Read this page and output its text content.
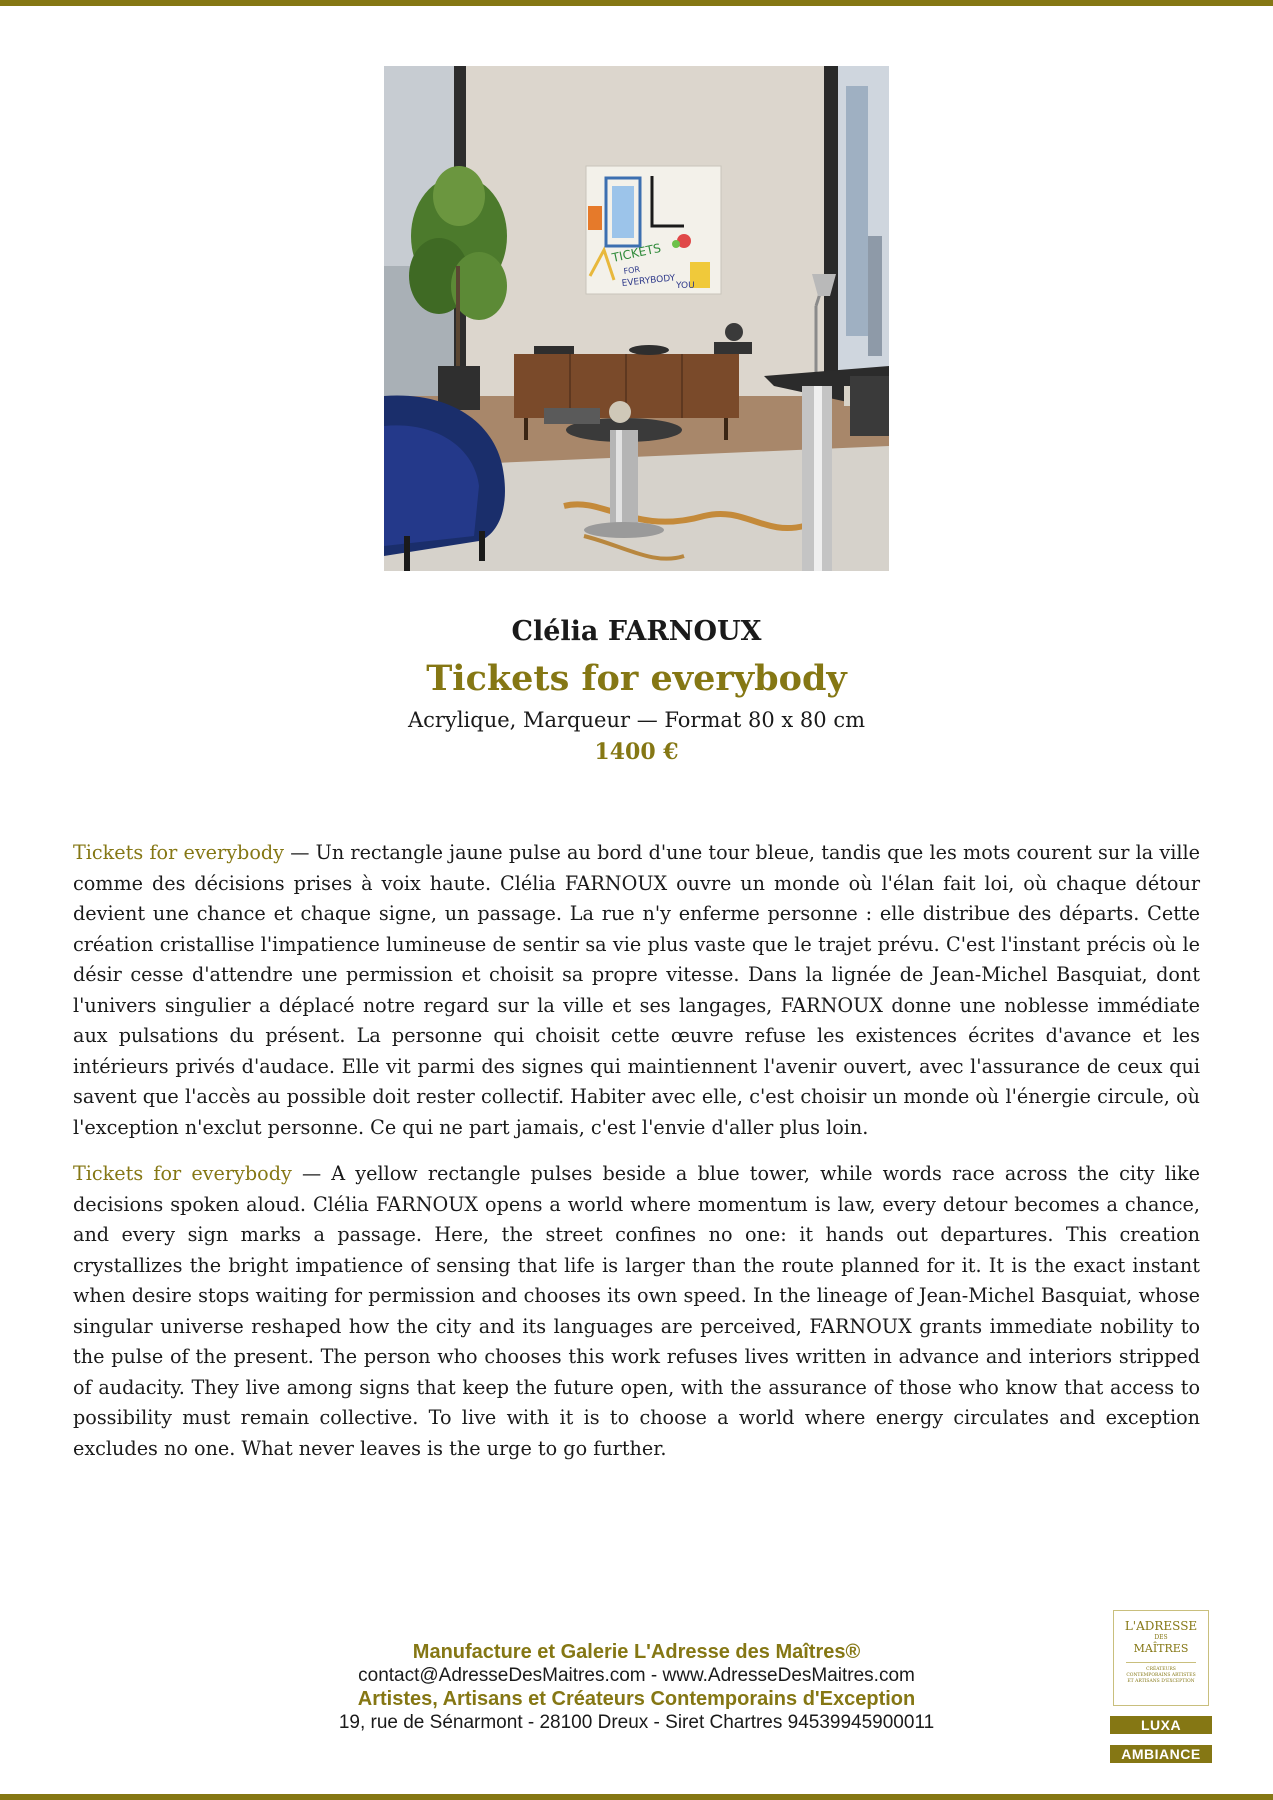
TICKETS
FOR
EVERYBODY YOU
Clélia FARNOUX
Tickets for everybody
Acrylique, Marqueur — Format 80 x 80 cm
1400 €

Tickets for everybody — Un rectangle jaune pulse au bord d'une tour bleue, tandis que les mots courent sur la ville comme des décisions prises à voix haute. Clélia FARNOUX ouvre un monde où l'élan fait loi, où chaque détour devient une chance et chaque signe, un passage. La rue n'y enferme personne : elle distribue des départs. Cette création cristallise l'impatience lumineuse de sentir sa vie plus vaste que le trajet prévu. C'est l'instant précis où le désir cesse d'attendre une permission et choisit sa propre vitesse. Dans la lignée de Jean-Michel Basquiat, dont l'univers singulier a déplacé notre regard sur la ville et ses langages, FARNOUX donne une noblesse immédiate aux pulsations du présent. La personne qui choisit cette œuvre refuse les existences écrites d'avance et les intérieurs privés d'audace. Elle vit parmi des signes qui maintiennent l'avenir ouvert, avec l'assurance de ceux qui savent que l'accès au possible doit rester collectif. Habiter avec elle, c'est choisir un monde où l'énergie circule, où l'exception n'exclut personne. Ce qui ne part jamais, c'est l'envie d'aller plus loin.

Tickets for everybody — A yellow rectangle pulses beside a blue tower, while words race across the city like decisions spoken aloud. Clélia FARNOUX opens a world where momentum is law, every detour becomes a chance, and every sign marks a passage. Here, the street confines no one: it hands out departures. This creation crystallizes the bright impatience of sensing that life is larger than the route planned for it. It is the exact instant when desire stops waiting for permission and chooses its own speed. In the lineage of Jean-Michel Basquiat, whose singular universe reshaped how the city and its languages are perceived, FARNOUX grants immediate nobility to the pulse of the present. The person who chooses this work refuses lives written in advance and interiors stripped of audacity. They live among signs that keep the future open, with the assurance of those who know that access to possibility must remain collective. To live with it is to choose a world where energy circulates and exception excludes no one. What never leaves is the urge to go further.

Manufacture et Galerie L'Adresse des Maîtres®
contact@AdresseDesMaitres.com - www.AdresseDesMaitres.com
Artistes, Artisans et Créateurs Contemporains d'Exception
19, rue de Sénarmont - 28100 Dreux - Siret Chartres 94539945900011
L'ADRESSE
DES
MAÎTRES
CRÉATEURS CONTEMPORAINS ARTISTES ET ARTISANS D'EXCEPTION
LUXA
AMBIANCE
